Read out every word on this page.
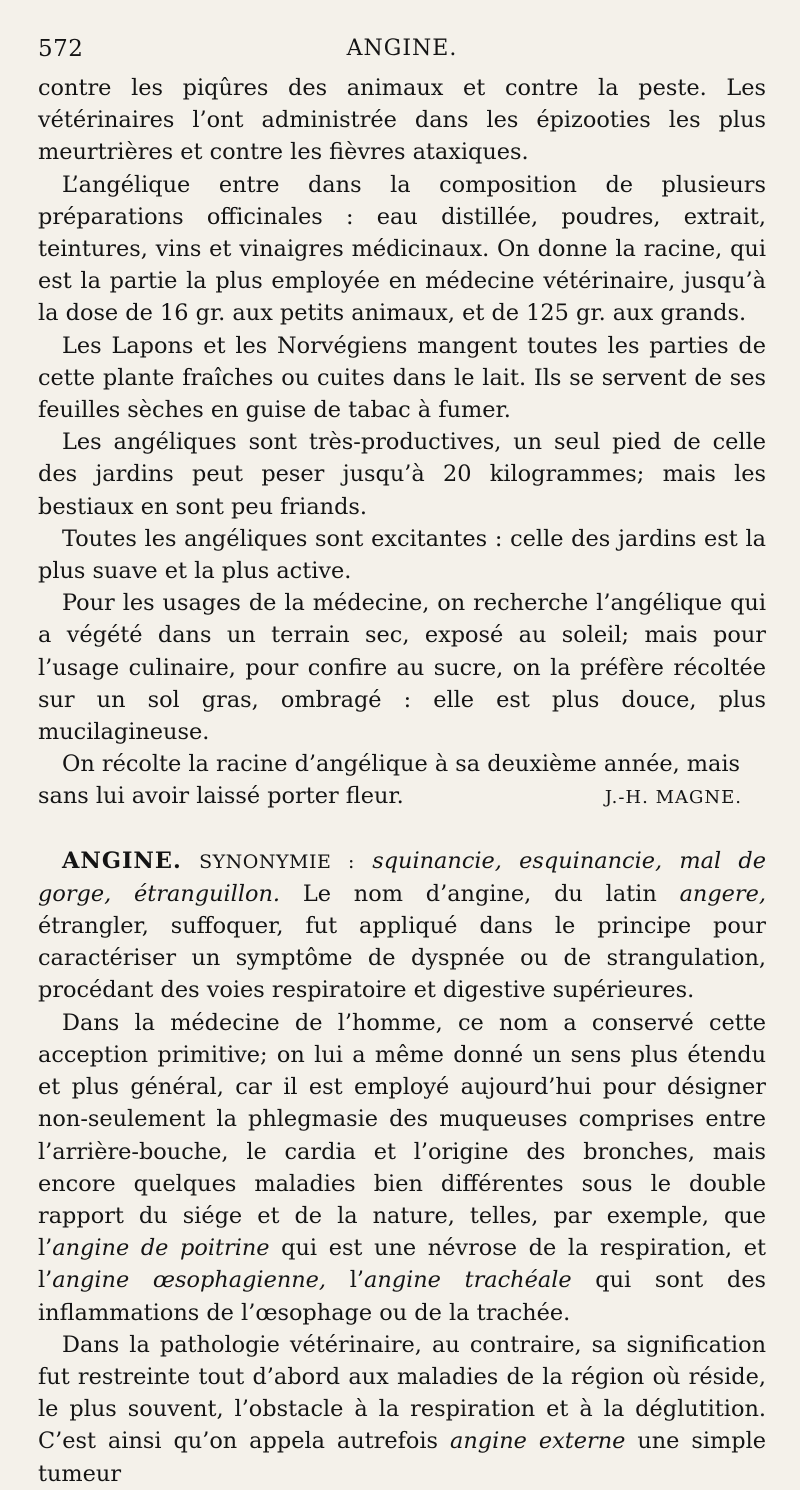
572	ANGINE.

contre les piqûres des animaux et contre la peste. Les vétérinaires l’ont administrée dans les épizooties les plus meurtrières et contre les fièvres ataxiques.

L’angélique entre dans la composition de plusieurs préparations officinales : eau distillée, poudres, extrait, teintures, vins et vinaigres médicinaux. On donne la racine, qui est la partie la plus employée en médecine vétérinaire, jusqu’à la dose de 16 gr. aux petits animaux, et de 125 gr. aux grands.

Les Lapons et les Norvégiens mangent toutes les parties de cette plante fraîches ou cuites dans le lait. Ils se servent de ses feuilles sèches en guise de tabac à fumer.

Les angéliques sont très-productives, un seul pied de celle des jardins peut peser jusqu’à 20 kilogrammes; mais les bestiaux en sont peu friands.

Toutes les angéliques sont excitantes : celle des jardins est la plus suave et la plus active.

Pour les usages de la médecine, on recherche l’angélique qui a végété dans un terrain sec, exposé au soleil; mais pour l’usage culinaire, pour confire au sucre, on la préfère récoltée sur un sol gras, ombragé : elle est plus douce, plus mucilagineuse.

On récolte la racine d’angélique à sa deuxième année, mais

sans lui avoir laissé porter fleur.	J.-H. MAGNE.

ANGINE. SYNONYMIE : squinancie, esquinancie, mal de gorge, étranguillon. Le nom d’angine, du latin angere, étrangler, suffoquer, fut appliqué dans le principe pour caractériser un symptôme de dyspnée ou de strangulation, procédant des voies respiratoire et digestive supérieures.

Dans la médecine de l’homme, ce nom a conservé cette acception primitive; on lui a même donné un sens plus étendu et plus général, car il est employé aujourd’hui pour désigner non-seulement la phlegmasie des muqueuses comprises entre l’arrière-bouche, le cardia et l’origine des bronches, mais encore quelques maladies bien différentes sous le double rapport du siége et de la nature, telles, par exemple, que l’angine de poitrine qui est une névrose de la respiration, et l’angine œsophagienne, l’angine trachéale qui sont des inflammations de l’œsophage ou de la trachée.

Dans la pathologie vétérinaire, au contraire, sa signification fut restreinte tout d’abord aux maladies de la région où réside, le plus souvent, l’obstacle à la respiration et à la déglutition. C’est ainsi qu’on appela autrefois angine externe une simple tumeur
